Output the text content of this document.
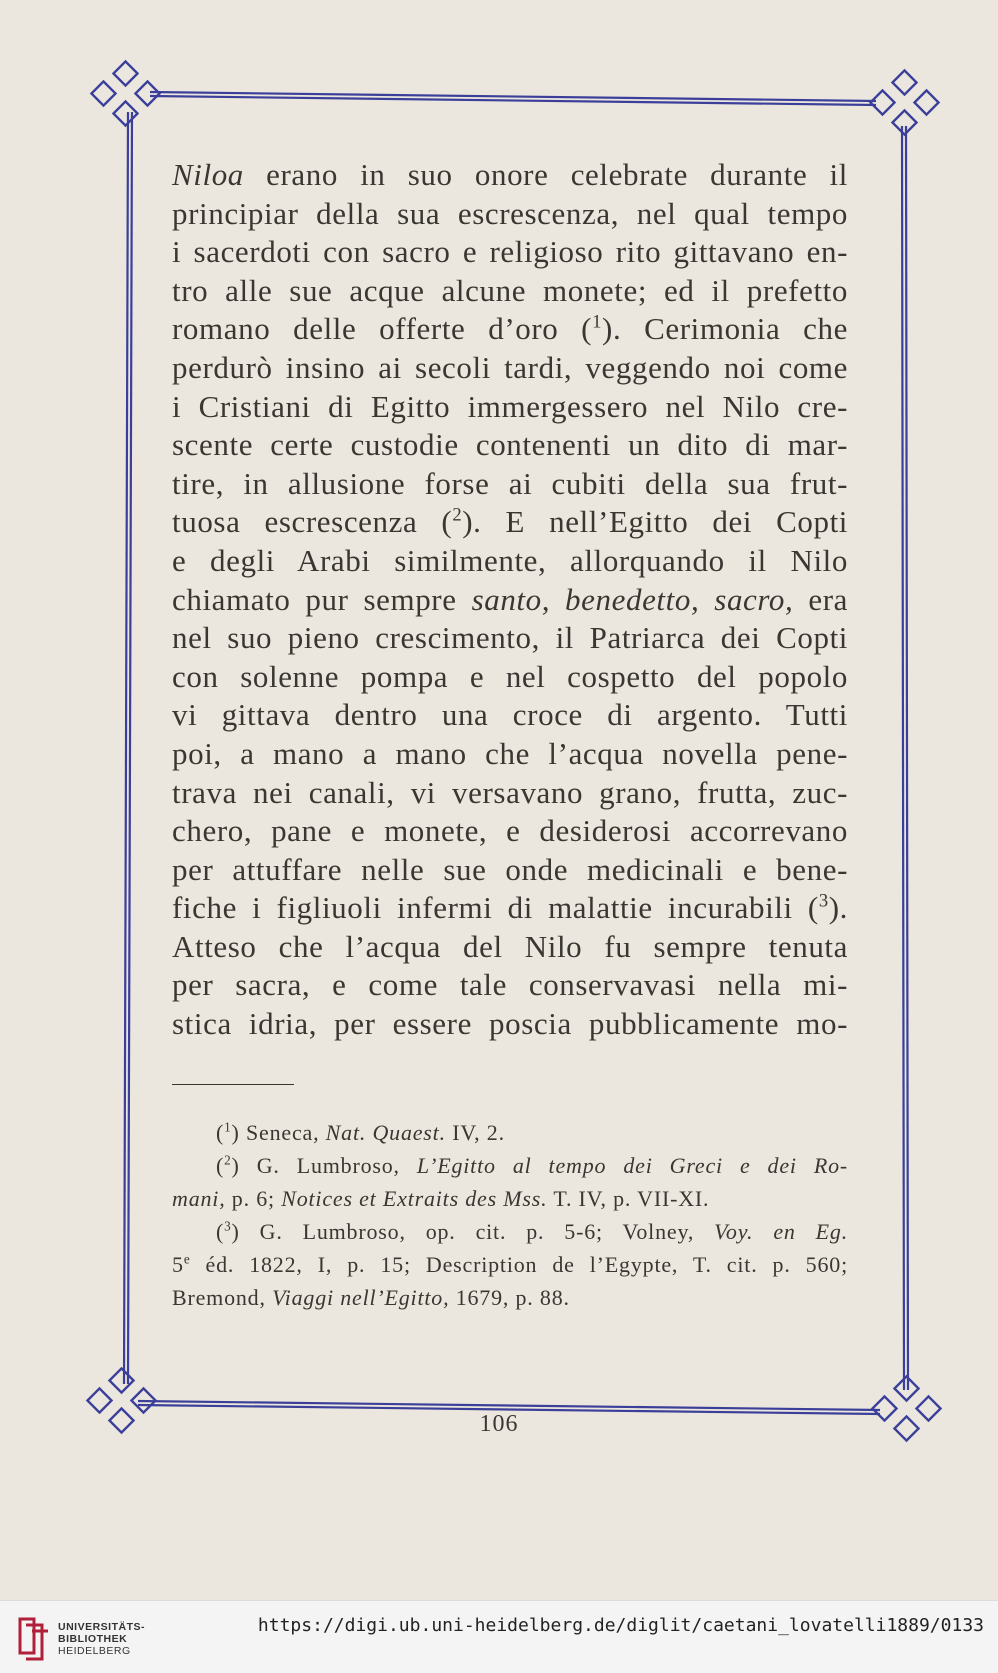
Niloa erano in suo onore celebrate durante il
principiar della sua escrescenza, nel qual tempo
i sacerdoti con sacro e religioso rito gittavano en-
tro alle sue acque alcune monete; ed il prefetto
romano delle offerte d’oro ($^1$). Cerimonia che
perdurò insino ai secoli tardi, veggendo noi come
i Cristiani di Egitto immergessero nel Nilo cre-
scente certe custodie contenenti un dito di mar-
tire, in allusione forse ai cubiti della sua frut-
tuosa escrescenza ($^2$). E nell’Egitto dei Copti
e degli Arabi similmente, allorquando il Nilo
chiamato pur sempre santo, benedetto, sacro, era
nel suo pieno crescimento, il Patriarca dei Copti
con solenne pompa e nel cospetto del popolo
vi gittava dentro una croce di argento. Tutti
poi, a mano a mano che l’acqua novella pene-
trava nei canali, vi versavano grano, frutta, zuc-
chero, pane e monete, e desiderosi accorrevano
per attuffare nelle sue onde medicinali e bene-
fiche i figliuoli infermi di malattie incurabili ($^3$).
Atteso che l’acqua del Nilo fu sempre tenuta
per sacra, e come tale conservavasi nella mi-
stica idria, per essere poscia pubblicamente mo-
($^1$) Seneca, Nat. Quaest. IV, 2.
($^2$) G. Lumbroso, L’Egitto al tempo dei Greci e dei Ro-
mani, p. 6; Notices et Extraits des Mss. T. IV, p. VII-XI.
($^3$) G. Lumbroso, op. cit. p. 5-6; Volney, Voy. en Eg.
5e éd. 1822, I, p. 15; Description de l’Egypte, T. cit. p. 560;
Bremond, Viaggi nell’Egitto, 1679, p. 88.
106
UNIVERSITÄTS-
BIBLIOTHEK
HEIDELBERG
https://digi.ub.uni-heidelberg.de/diglit/caetani_lovatelli1889/0133
